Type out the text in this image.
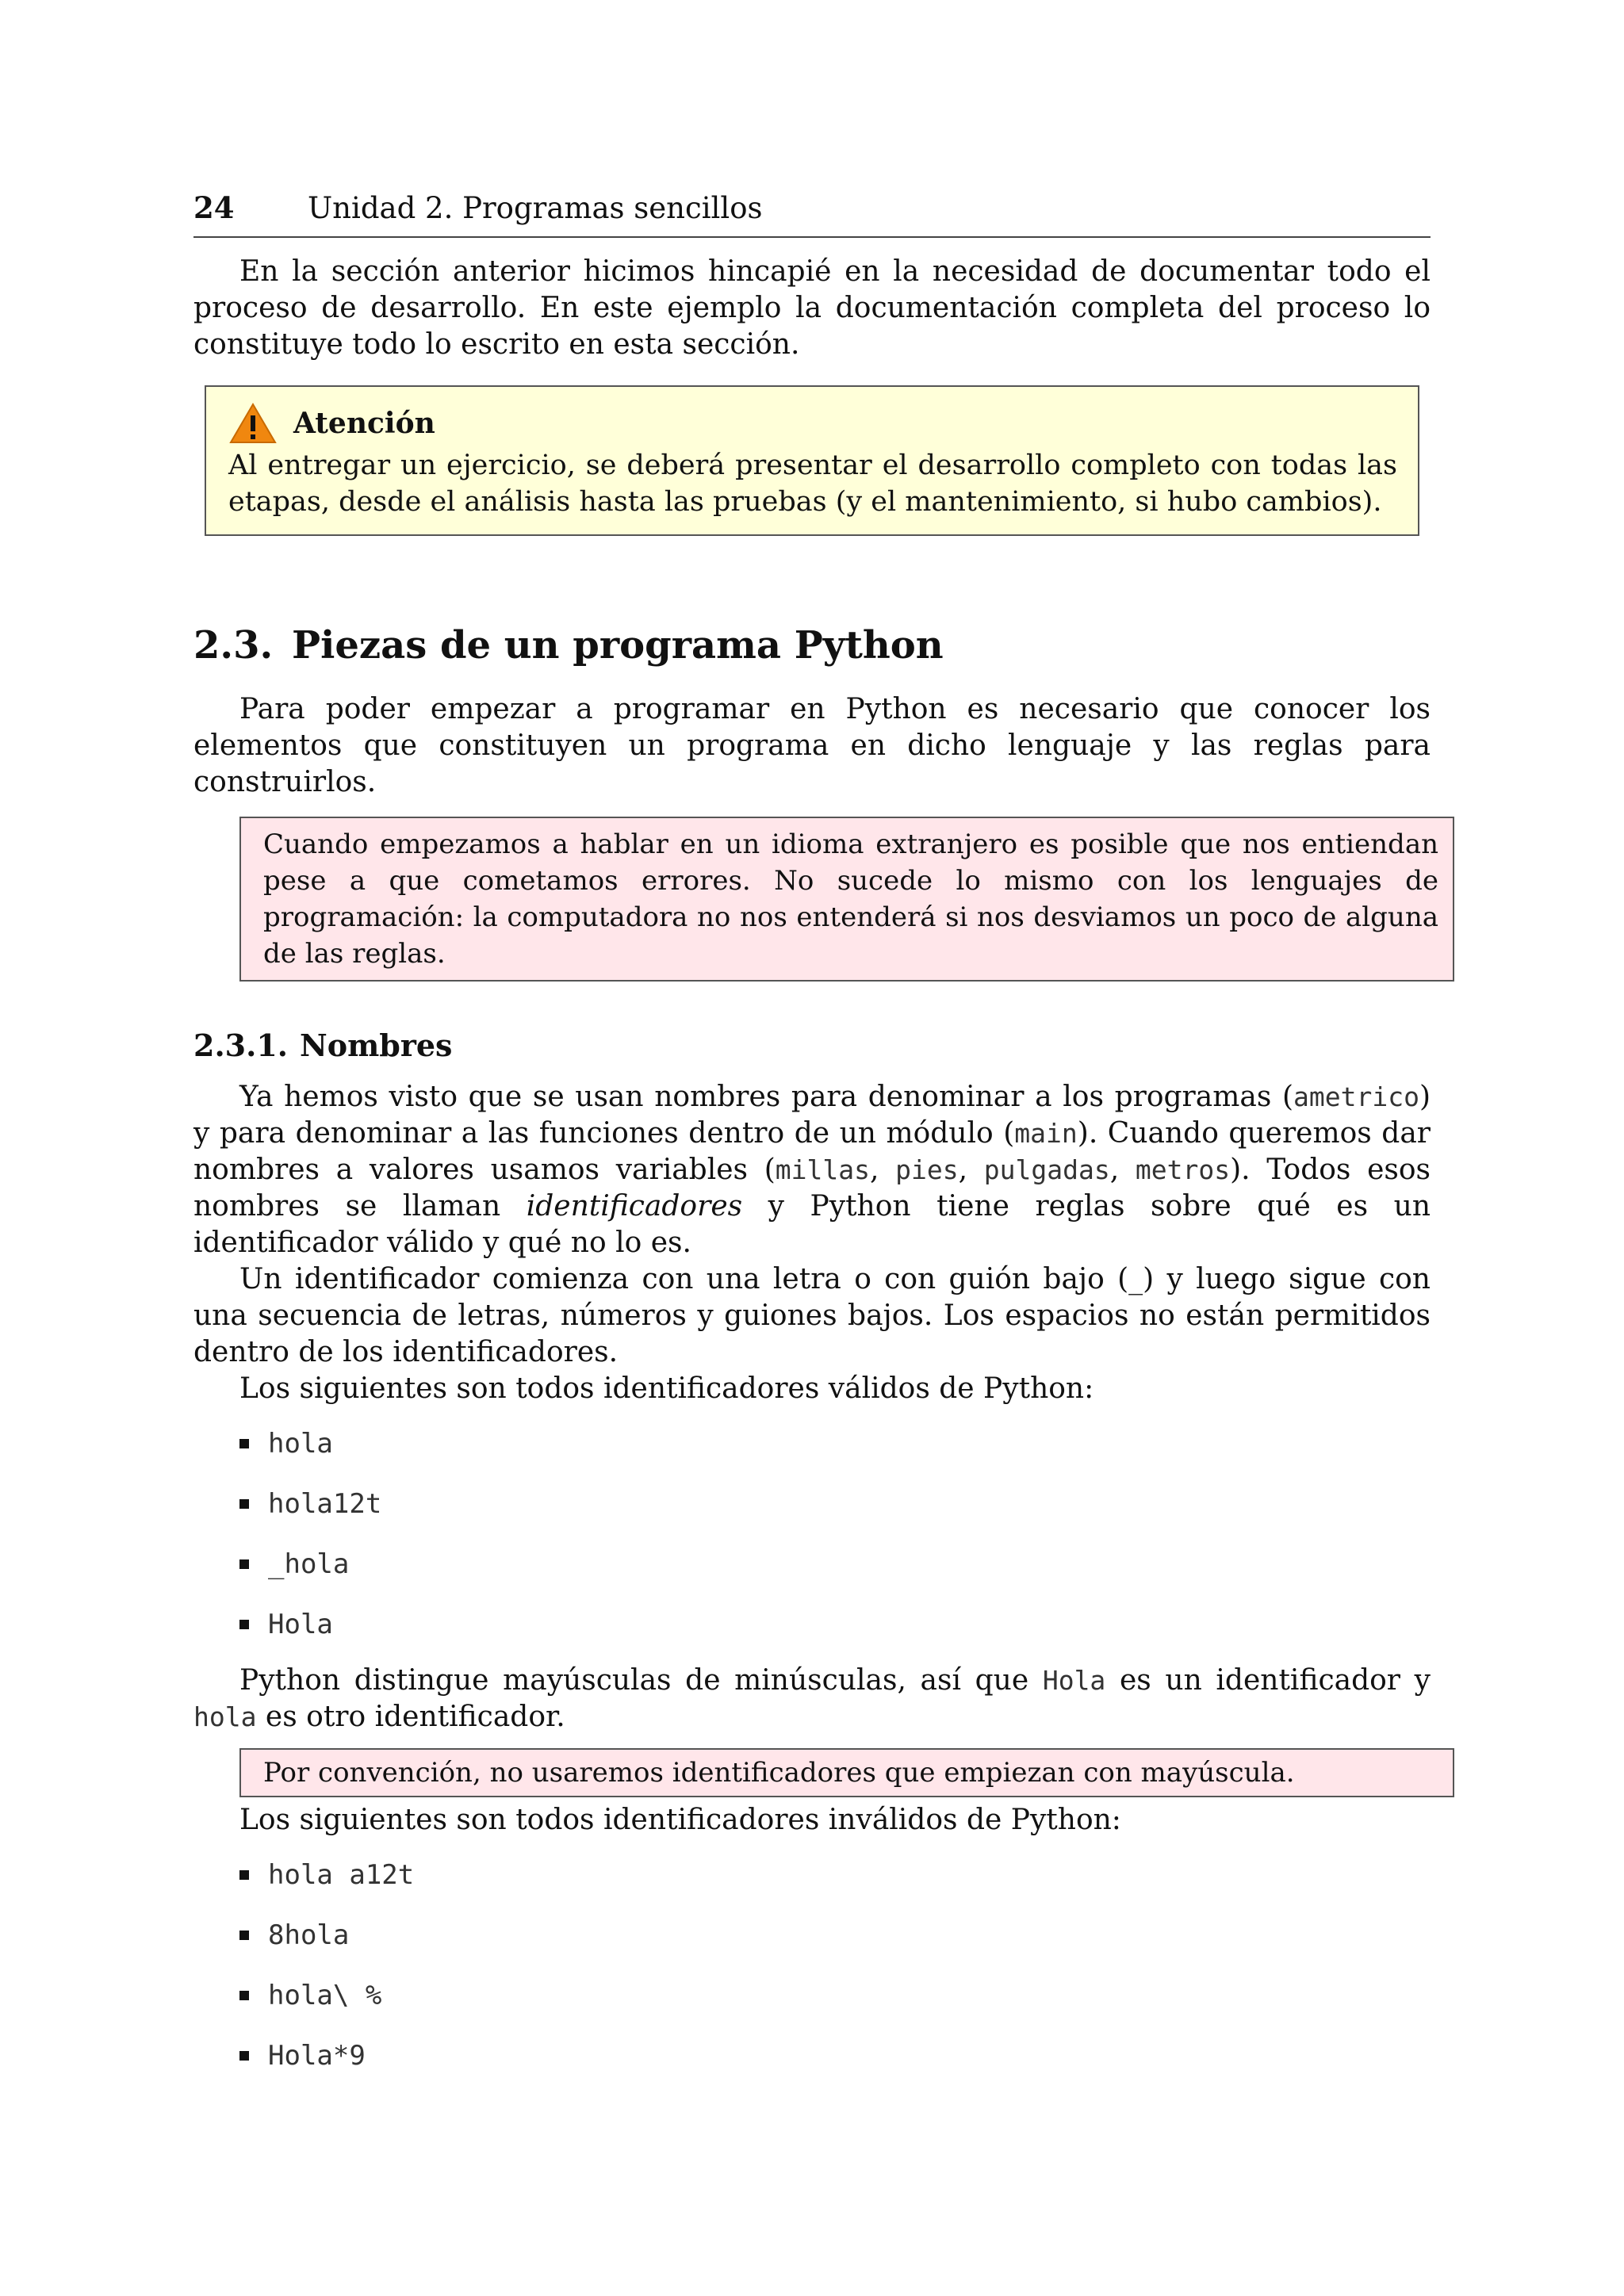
24	Unidad 2. Programas sencillos

En la sección anterior hicimos hincapié en la necesidad de documentar todo el proceso de desarrollo. En este ejemplo la documentación completa del proceso lo constituye todo lo escrito en esta sección.

Atención

Al entregar un ejercicio, se deberá presentar el desarrollo completo con todas las etapas, desde el análisis hasta las pruebas (y el mantenimiento, si hubo cambios).

2.3. Piezas de un programa Python

Para poder empezar a programar en Python es necesario que conocer los elementos que constituyen un programa en dicho lenguaje y las reglas para construirlos.

Cuando empezamos a hablar en un idioma extranjero es posible que nos entiendan pese a que cometamos errores. No sucede lo mismo con los lenguajes de programación: la computadora no nos entenderá si nos desviamos un poco de alguna de las reglas.

2.3.1. Nombres

Ya hemos visto que se usan nombres para denominar a los programas (ametrico) y para denominar a las funciones dentro de un módulo (main). Cuando queremos dar nombres a valores usamos variables (millas, pies, pulgadas, metros). Todos esos nombres se llaman identificadores y Python tiene reglas sobre qué es un identificador válido y qué no lo es.

Un identificador comienza con una letra o con guión bajo (_) y luego sigue con una secuencia de letras, números y guiones bajos. Los espacios no están permitidos dentro de los identificadores.

Los siguientes son todos identificadores válidos de Python:

hola
hola12t
_hola
Hola

Python distingue mayúsculas de minúsculas, así que Hola es un identificador y hola es otro identificador.

Por convención, no usaremos identificadores que empiezan con mayúscula.

Los siguientes son todos identificadores inválidos de Python:

hola a12t
8hola
hola\ %
Hola*9
